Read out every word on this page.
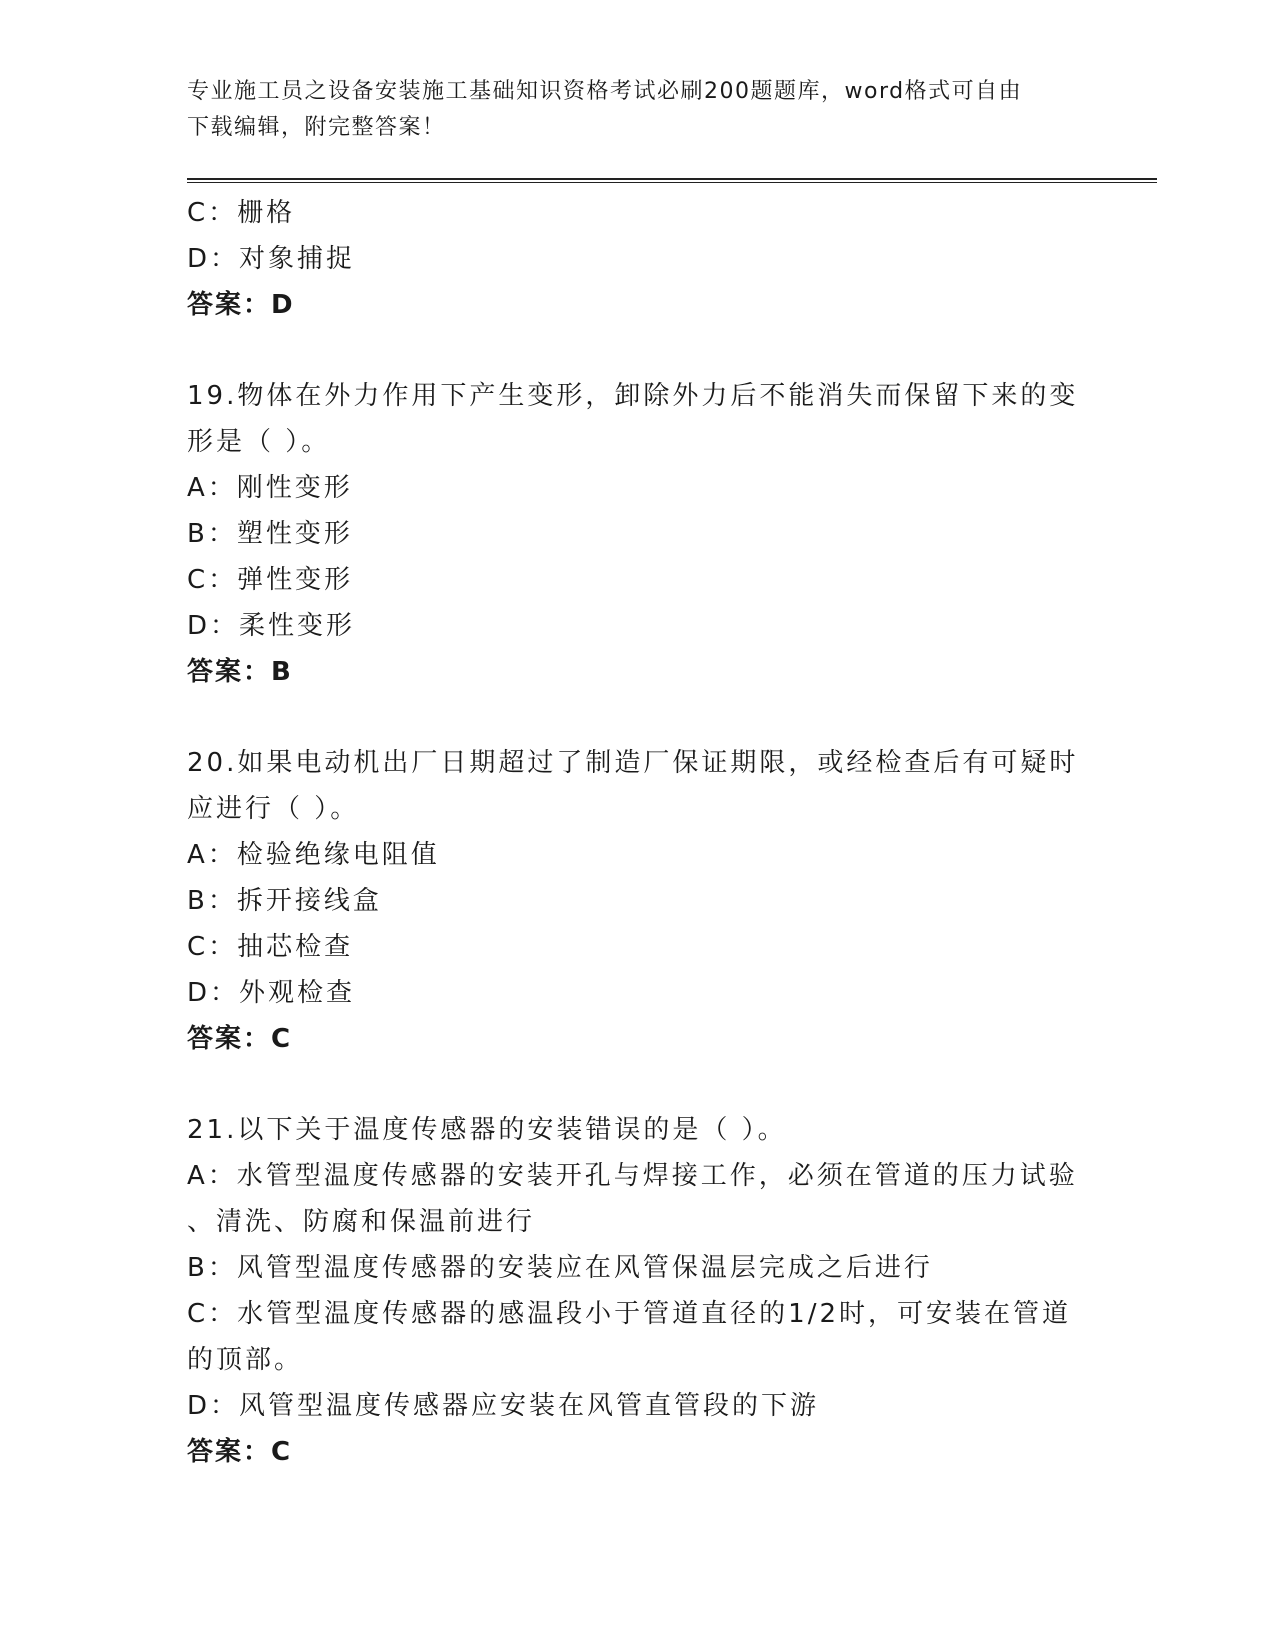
专业施工员之设备安装施工基础知识资格考试必刷200题题库，word格式可自由
下载编辑，附完整答案！
C：栅格
D：对象捕捉
答案：D
19.物体在外力作用下产生变形，卸除外力后不能消失而保留下来的变
形是（ ）。
A：刚性变形
B：塑性变形
C：弹性变形
D：柔性变形
答案：B
20.如果电动机出厂日期超过了制造厂保证期限，或经检查后有可疑时
应进行（ ）。
A：检验绝缘电阻值
B：拆开接线盒
C：抽芯检查
D：外观检查
答案：C
21.以下关于温度传感器的安装错误的是（ ）。
A：水管型温度传感器的安装开孔与焊接工作，必须在管道的压力试验
、清洗、防腐和保温前进行
B：风管型温度传感器的安装应在风管保温层完成之后进行
C：水管型温度传感器的感温段小于管道直径的1/2时，可安装在管道
的顶部。
D：风管型温度传感器应安装在风管直管段的下游
答案：C
